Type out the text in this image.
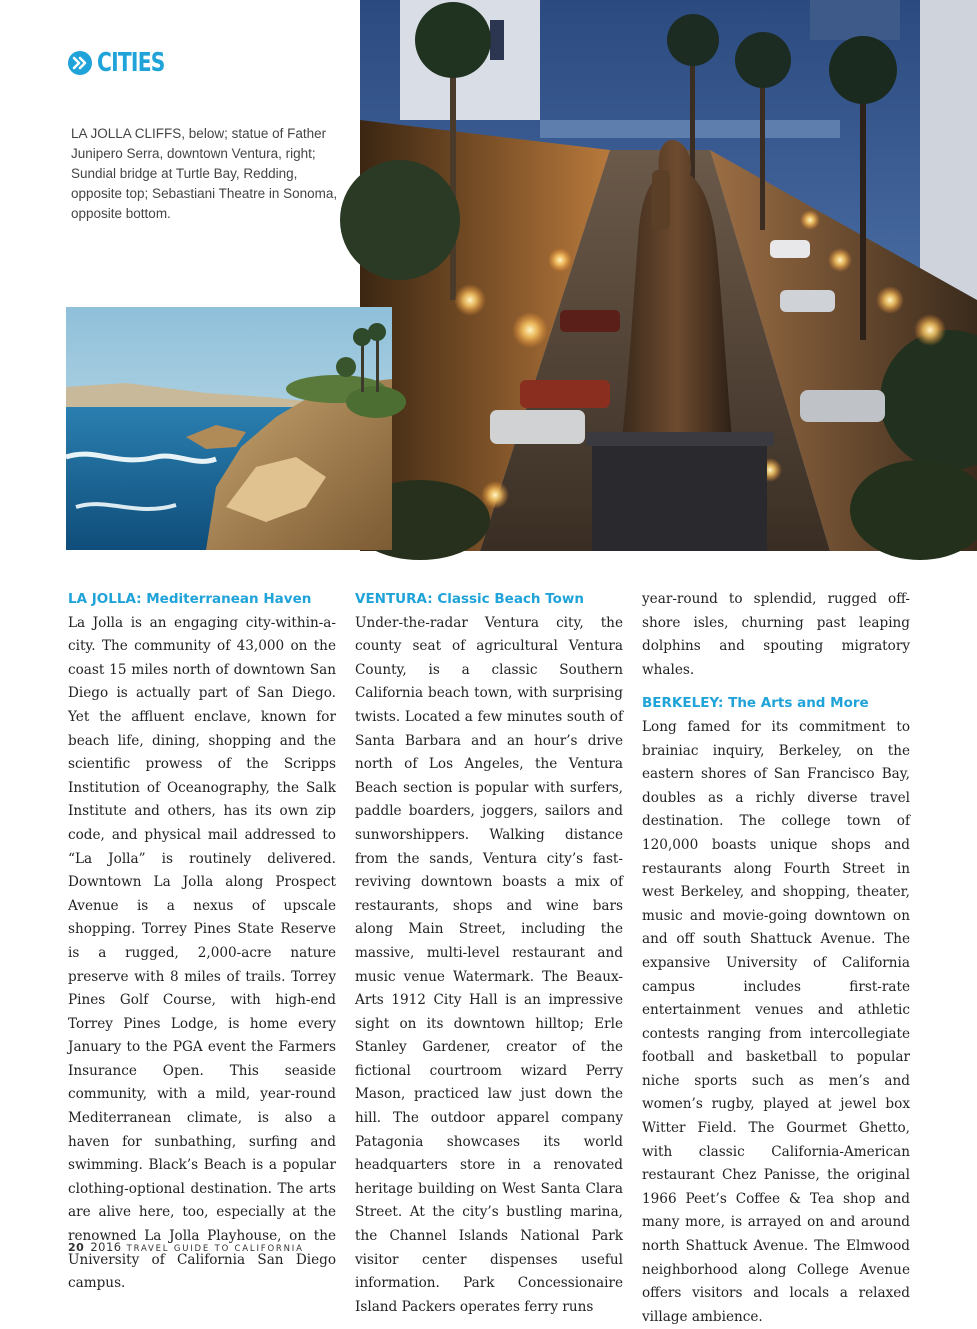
CITIES
LA JOLLA CLIFFS, below; statue of Father Junipero Serra, downtown Ventura, right; Sundial bridge at Turtle Bay, Redding, opposite top; Sebastiani Theatre in Sonoma, opposite bottom.
LA JOLLA: Mediterranean Haven

La Jolla is an engaging city-within-a-city. The community of 43,000 on the coast 15 miles north of downtown San Diego is actually part of San Diego. Yet the affluent enclave, known for beach life, dining, shopping and the scientific prowess of the Scripps Institution of Oceanography, the Salk Institute and others, has its own zip code, and physical mail addressed to “La Jolla” is routinely delivered. Downtown La Jolla along Prospect Avenue is a nexus of upscale shopping. Torrey Pines State Reserve is a rugged, 2,000-acre nature preserve with 8 miles of trails. Torrey Pines Golf Course, with high-end Torrey Pines Lodge, is home every January to the PGA event the Farmers Insurance Open. This seaside community, with a mild, year-round Mediterranean climate, is also a haven for sunbathing, surfing and swimming. Black’s Beach is a popular clothing-optional destination. The arts are alive here, too, especially at the renowned La Jolla Playhouse, on the University of California San Diego campus.

VENTURA: Classic Beach Town

Under-the-radar Ventura city, the county seat of agricultural Ventura County, is a classic Southern California beach town, with surprising twists. Located a few minutes south of Santa Barbara and an hour’s drive north of Los Angeles, the Ventura Beach section is popular with surfers, paddle boarders, joggers, sailors and sunworshippers. Walking distance from the sands, Ventura city’s fast-reviving downtown boasts a mix of restaurants, shops and wine bars along Main Street, including the massive, multi-level restaurant and music venue Watermark. The Beaux-Arts 1912 City Hall is an impressive sight on its downtown hilltop; Erle Stanley Gardener, creator of the fictional courtroom wizard Perry Mason, practiced law just down the hill. The outdoor apparel company Patagonia showcases its world headquarters store in a renovated heritage building on West Santa Clara Street. At the city’s bustling marina, the Channel Islands National Park visitor center dispenses useful information. Park Concessionaire Island Packers operates ferry runs

year-round to splendid, rugged off-shore isles, churning past leaping dolphins and spouting migratory whales.

BERKELEY: The Arts and More

Long famed for its commitment to brainiac inquiry, Berkeley, on the eastern shores of San Francisco Bay, doubles as a richly diverse travel destination. The college town of 120,000 boasts unique shops and restaurants along Fourth Street in west Berkeley, and shopping, theater, music and movie-going downtown on and off south Shattuck Avenue. The expansive University of California campus includes first-rate entertainment venues and athletic contests ranging from intercollegiate football and basketball to popular niche sports such as men’s and women’s rugby, played at jewel box Witter Field. The Gourmet Ghetto, with classic California-American restaurant Chez Panisse, the original 1966 Peet’s Coffee & Tea shop and many more, is arrayed on and around north Shattuck Avenue. The Elmwood neighborhood along College Avenue offers visitors and locals a relaxed village ambience.

20 2016 TRAVEL GUIDE TO CALIFORNIA
